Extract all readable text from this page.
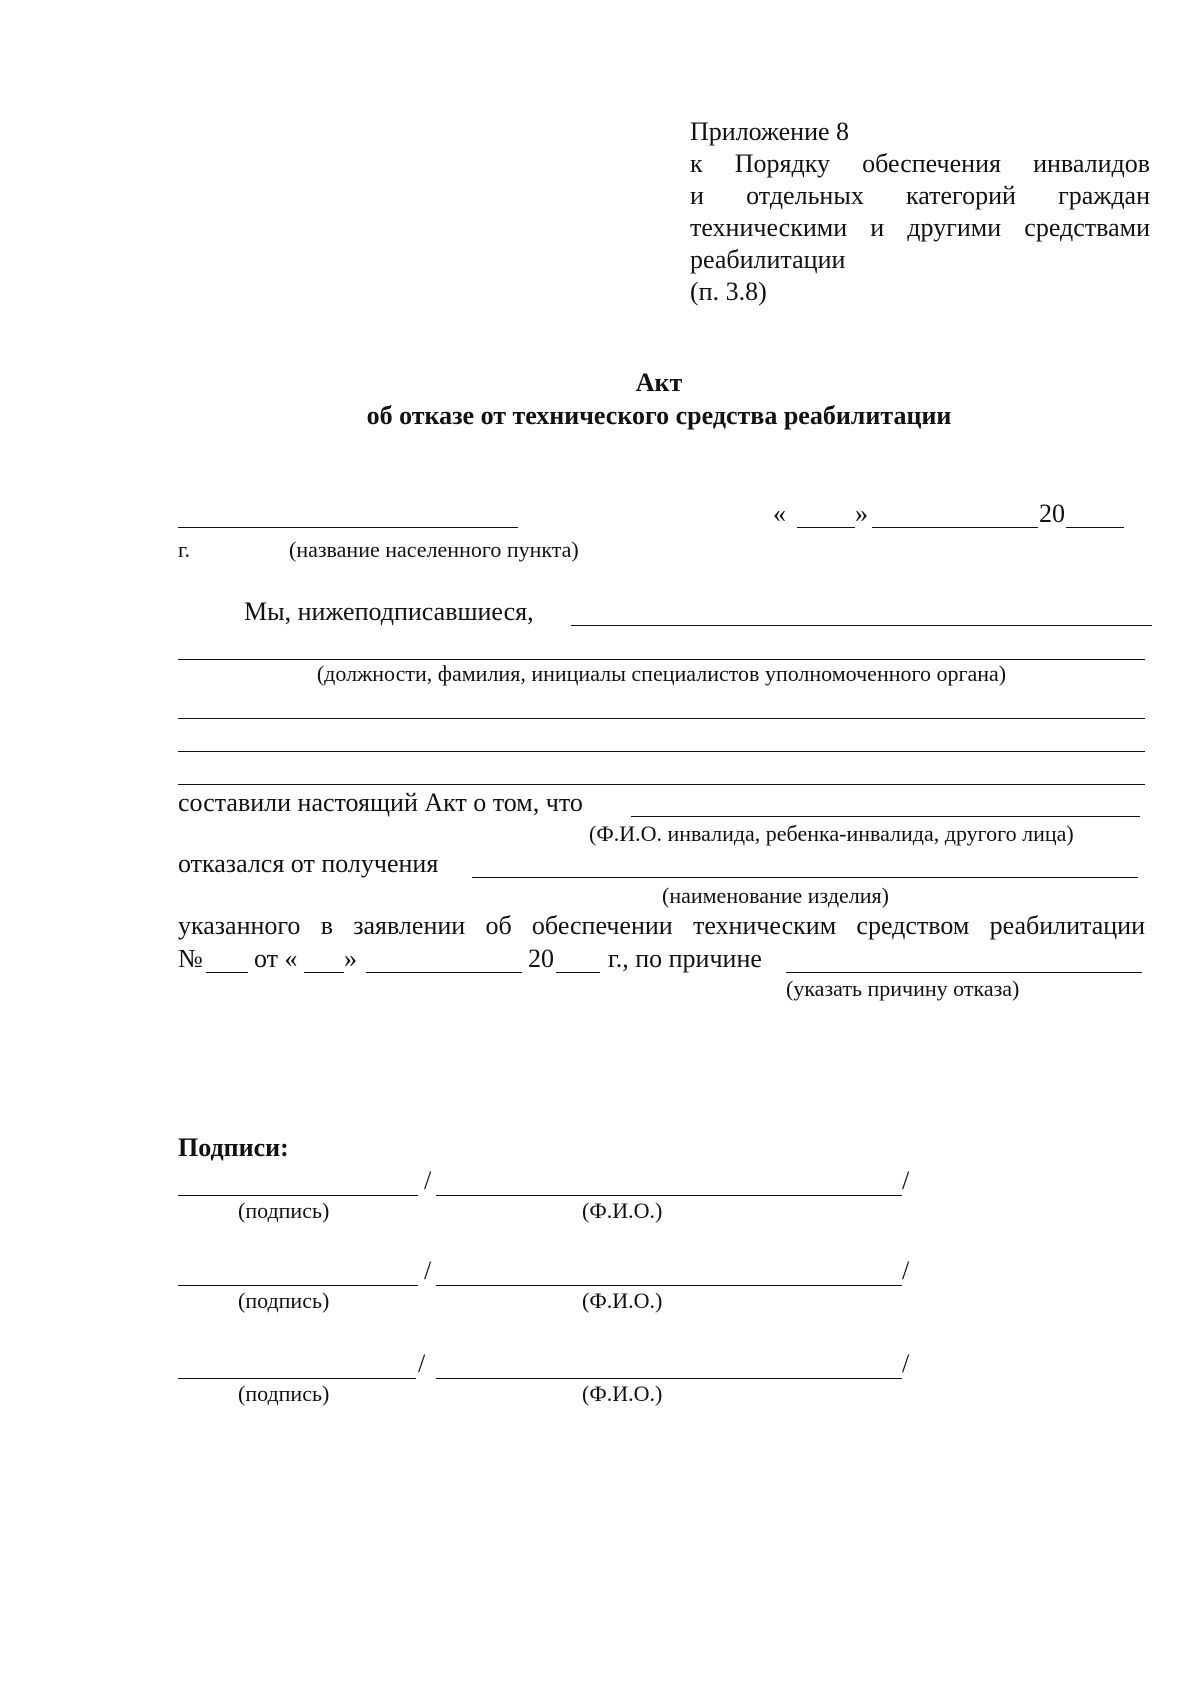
Приложение 8
к Порядку обеспечения инвалидов
и отдельных категорий граждан
техническими и другими средствами
реабилитации
(п. 3.8)
Акт
об отказе от технического средства реабилитации
«	»	20
г.	(название населенного пункта)
Мы, нижеподписавшиеся,
(должности, фамилия, инициалы специалистов уполномоченного органа)
составили настоящий Акт о том, что
(Ф.И.О. инвалида, ребенка-инвалида, другого лица)
отказался от получения
(наименование изделия)
указанного в заявлении об обеспечении техническим средством реабилитации
№ от « »	20 г., по причине
(указать причину отказа)
Подписи:
/	/
(подпись)	(Ф.И.О.)
/	/
(подпись)	(Ф.И.О.)
/	/
(подпись)	(Ф.И.О.)
